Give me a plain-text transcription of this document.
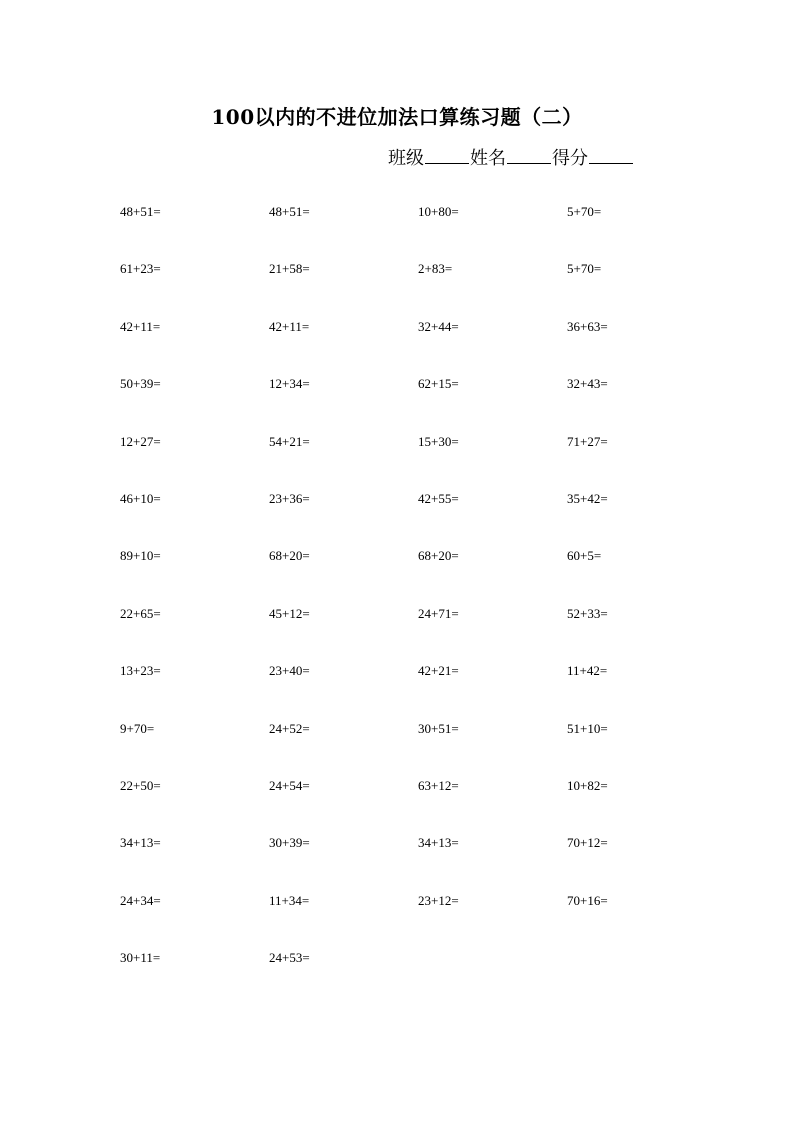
100以内的不进位加法口算练习题（二）
班级	姓名	得分
48+51=	48+51=	10+80=	5+70=
61+23=	21+58=	2+83=	5+70=
42+11=	42+11=	32+44=	36+63=
50+39=	12+34=	62+15=	32+43=
12+27=	54+21=	15+30=	71+27=
46+10=	23+36=	42+55=	35+42=
89+10=	68+20=	68+20=	60+5=
22+65=	45+12=	24+71=	52+33=
13+23=	23+40=	42+21=	11+42=
9+70=	24+52=	30+51=	51+10=
22+50=	24+54=	63+12=	10+82=
34+13=	30+39=	34+13=	70+12=
24+34=	11+34=	23+12=	70+16=
30+11=	24+53=
